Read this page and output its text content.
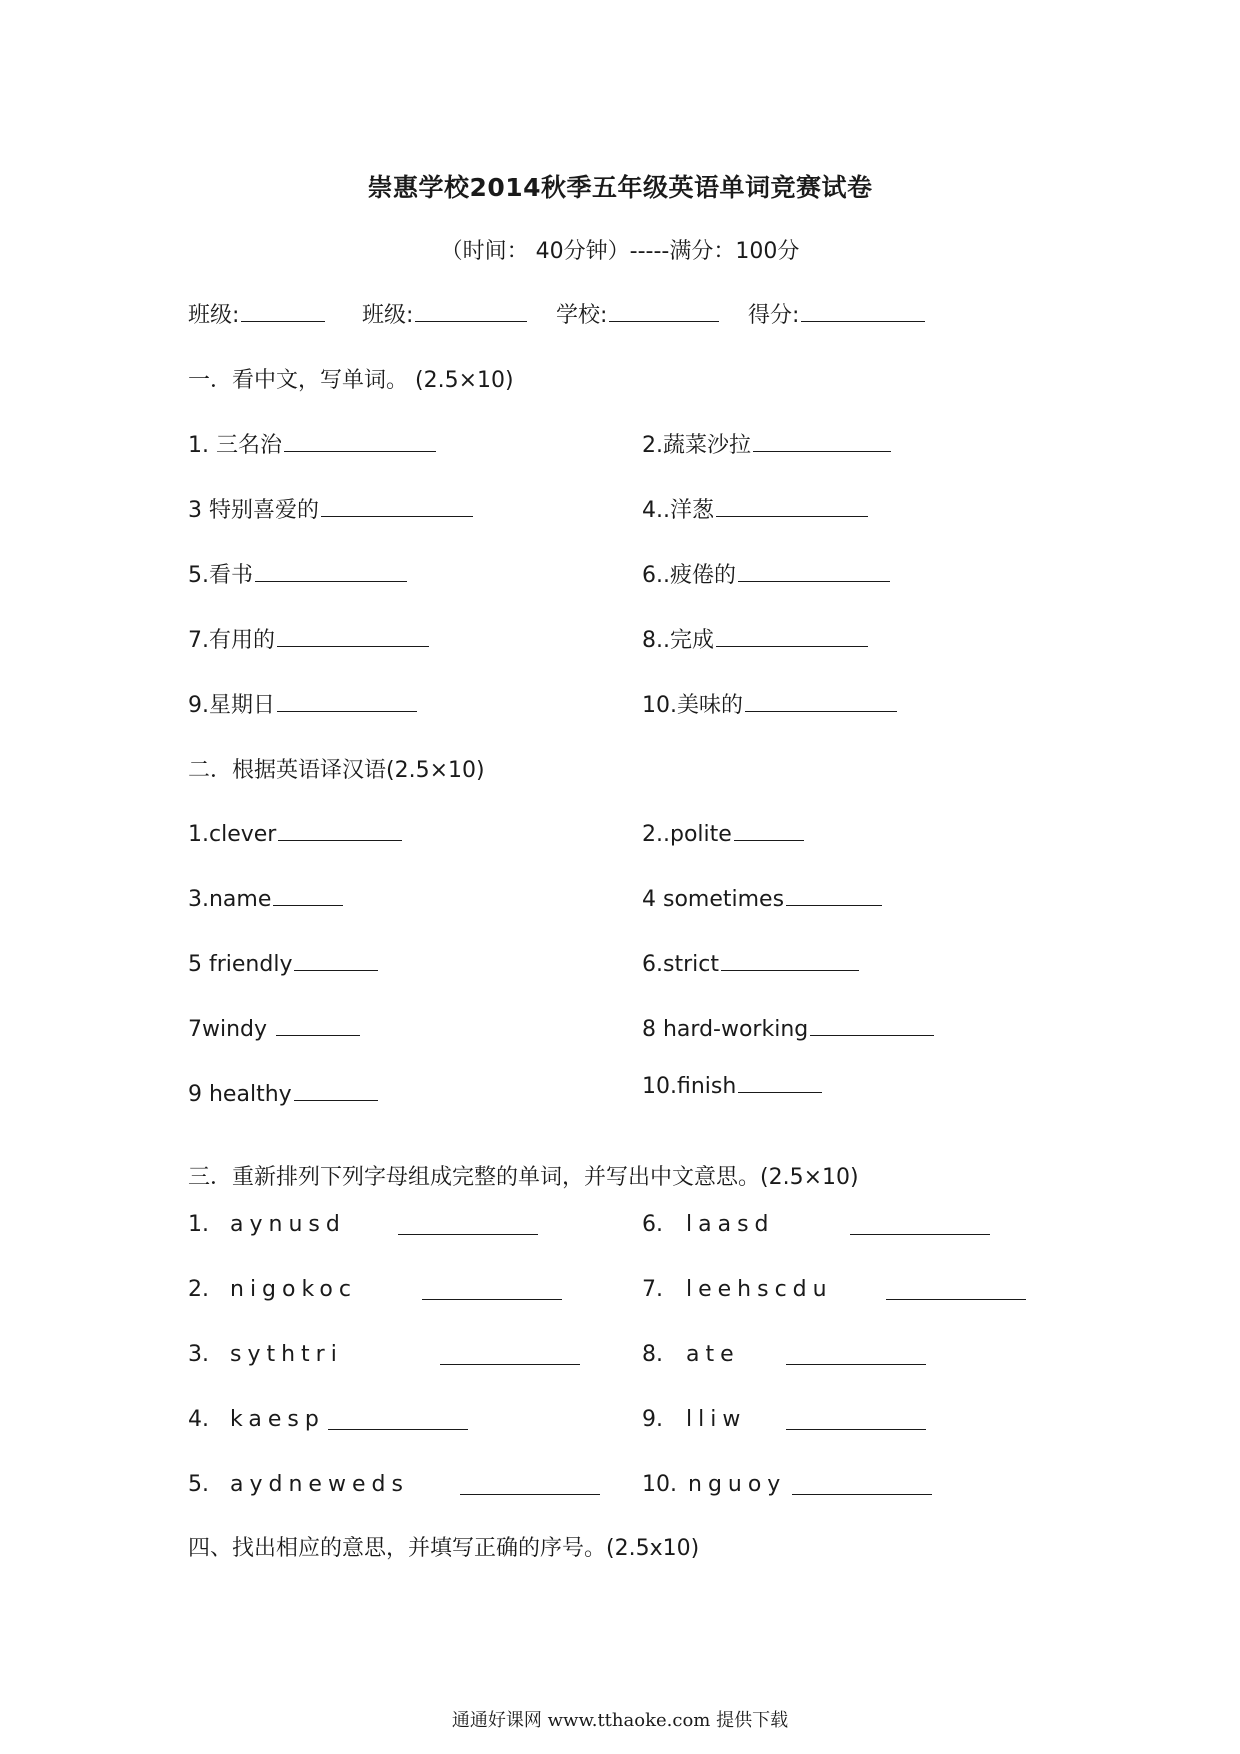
崇惠学校2014秋季五年级英语单词竞赛试卷
（时间： 40分钟）-----满分：100分
班级:	班级:	学校:	得分:
一．看中文，写单词。 (2.5×10)
1. 三名治	2.蔬菜沙拉
3 特别喜爱的	4..洋葱
5.看书	6..疲倦的
7.有用的	8..完成
9.星期日	10.美味的
二．根据英语译汉语(2.5×10)
1.clever	2..polite
3.name	4 sometimes
5 friendly	6.strict
7windy	8 hard-working
9 healthy	10.finish
三．重新排列下列字母组成完整的单词，并写出中文意思。(2.5×10)
1. aynusd	6. laasd
2. nigokoc	7. leehscdu
3. sythtri	8. ate
4. kaesp	9. lliw
5. aydneweds	10. nguoy
四、找出相应的意思，并填写正确的序号。(2.5x10)
通通好课网 www.tthaoke.com 提供下载
